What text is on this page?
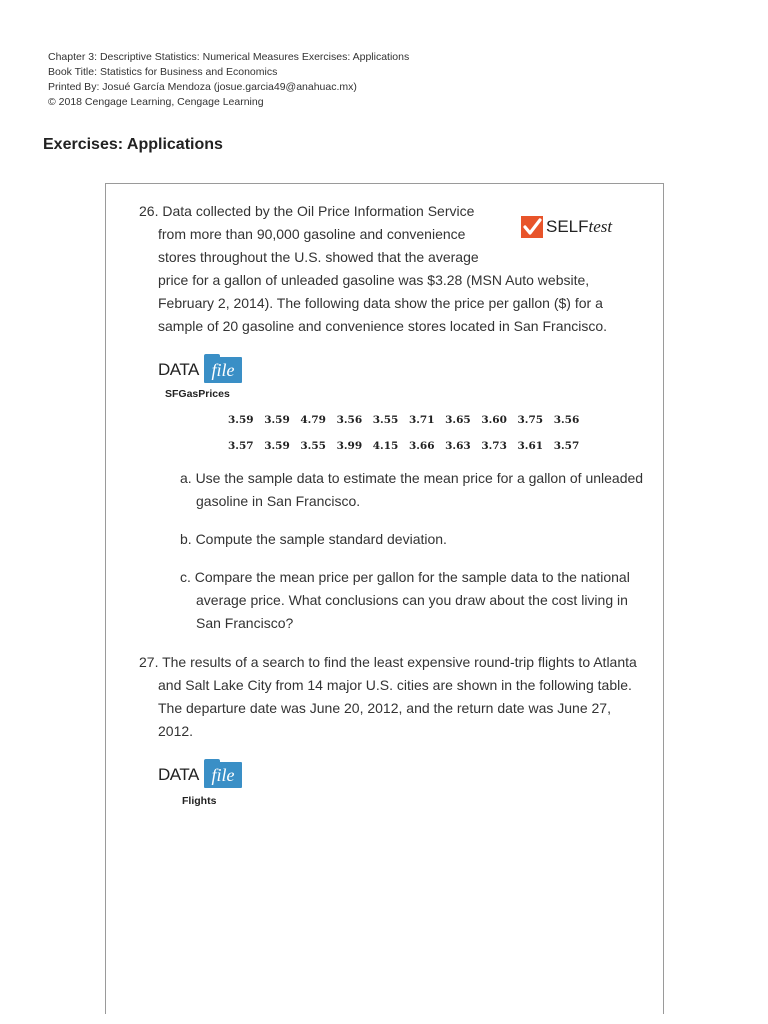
Chapter 3: Descriptive Statistics: Numerical Measures Exercises: Applications
Book Title: Statistics for Business and Economics
Printed By: Josué García Mendoza (josue.garcia49@anahuac.mx)
© 2018 Cengage Learning, Cengage Learning
Exercises: Applications
26. Data collected by the Oil Price Information Service
from more than 90,000 gasoline and convenience
stores throughout the U.S. showed that the average
price for a gallon of unleaded gasoline was $3.28 (MSN Auto website,
February 2, 2014). The following data show the price per gallon ($) for a
sample of 20 gasoline and convenience stores located in San Francisco.
SELFtest
DATA file
SFGasPrices
3.59 3.59 4.79 3.56 3.55 3.71 3.65 3.60 3.75 3.56
3.57 3.59 3.55 3.99 4.15 3.66 3.63 3.73 3.61 3.57
a. Use the sample data to estimate the mean price for a gallon of unleaded
gasoline in San Francisco.
b. Compute the sample standard deviation.
c. Compare the mean price per gallon for the sample data to the national
average price. What conclusions can you draw about the cost living in
San Francisco?
27. The results of a search to find the least expensive round-trip flights to Atlanta
and Salt Lake City from 14 major U.S. cities are shown in the following table.
The departure date was June 20, 2012, and the return date was June 27,
2012.
DATA file
Flights
